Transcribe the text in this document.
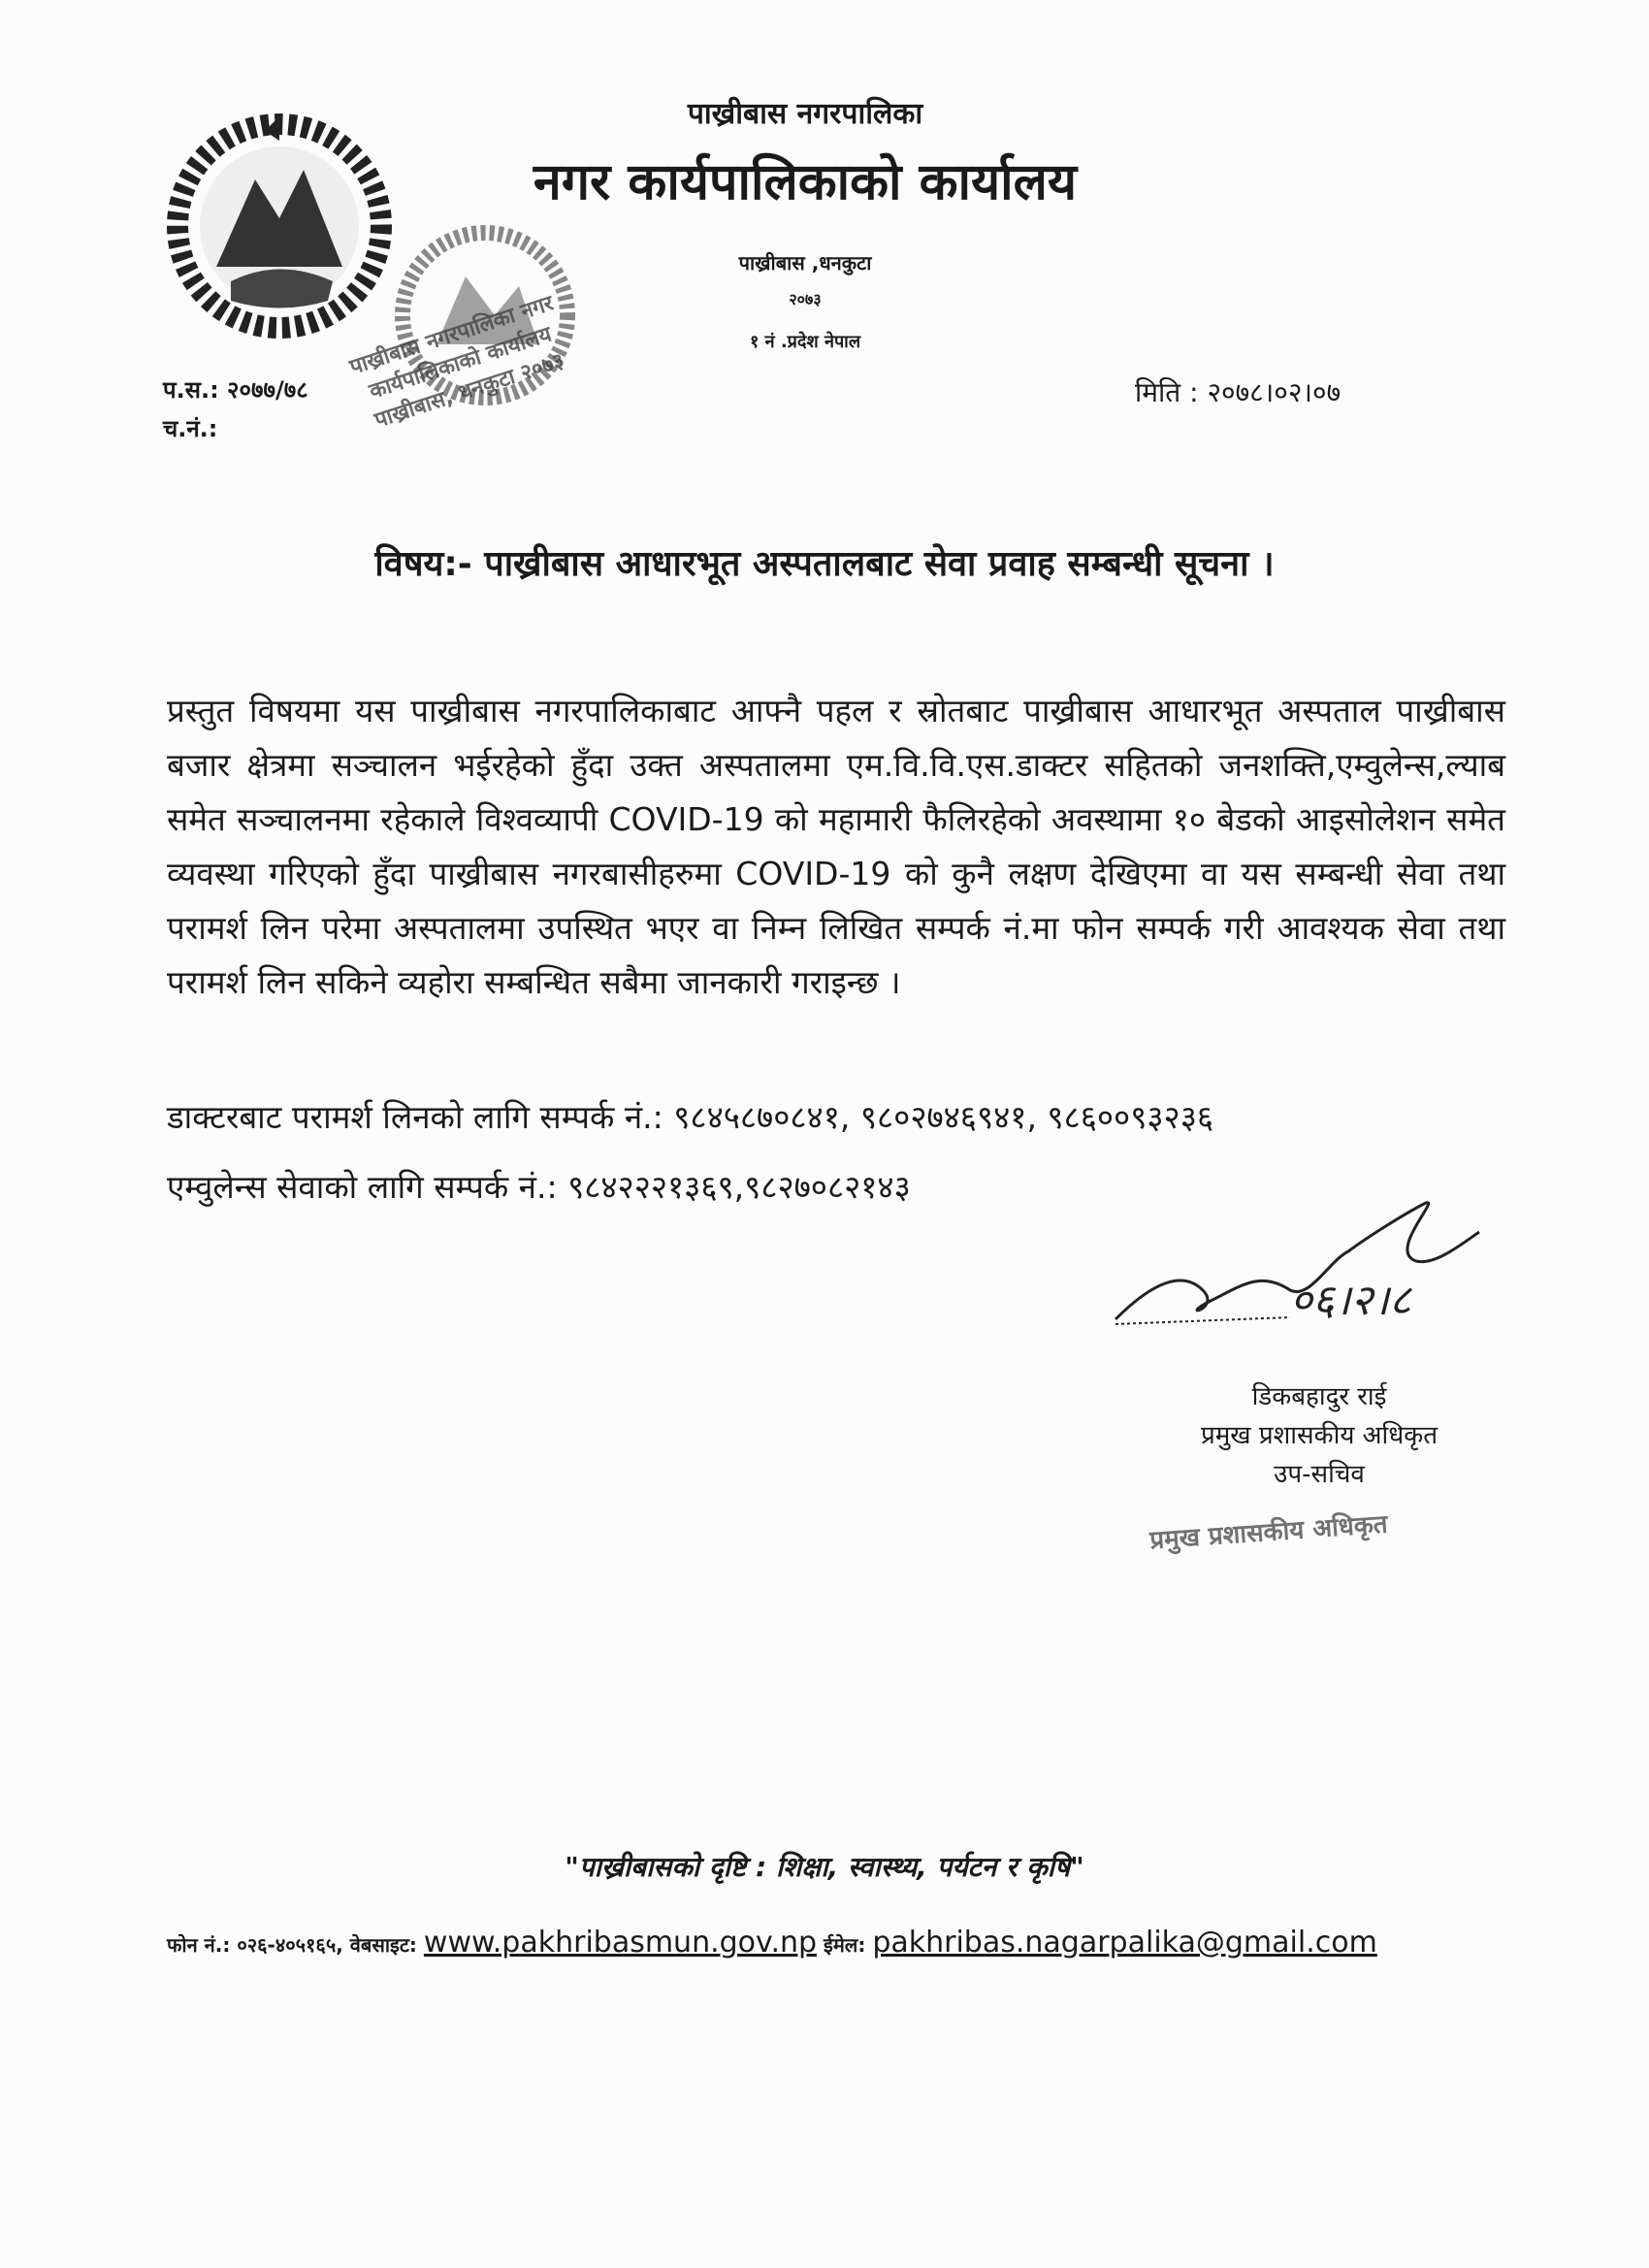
पाख्रीबास नगरपालिका नगर कार्यपालिकाको कार्यालय पाख्रीबास, धनकुटा २०७३
पाख्रीबास नगरपालिका
नगर कार्यपालिकाको कार्यालय
पाख्रीबास ,धनकुटा
२०७३
१ नं .प्रदेश नेपाल
प.स.: २०७७/७८
च.नं.:
मिति : २०७८।०२।०७
विषय:- पाख्रीबास आधारभूत अस्पतालबाट सेवा प्रवाह सम्बन्धी सूचना ।
प्रस्तुत विषयमा यस पाख्रीबास नगरपालिकाबाट आफ्नै पहल र स्रोतबाट पाख्रीबास आधारभूत अस्पताल पाख्रीबास बजार क्षेत्रमा सञ्चालन भईरहेको हुँदा उक्त अस्पतालमा एम.वि.वि.एस.डाक्टर सहितको जनशक्ति,एम्वुलेन्स,ल्याब समेत सञ्चालनमा रहेकाले विश्वव्यापी COVID-19 को महामारी फैलिरहेको अवस्थामा १० बेडको आइसोलेशन समेत व्यवस्था गरिएको हुँदा पाख्रीबास नगरबासीहरुमा COVID-19 को कुनै लक्षण देखिएमा वा यस सम्बन्धी सेवा तथा परामर्श लिन परेमा अस्पतालमा उपस्थित भएर वा निम्न लिखित सम्पर्क नं.मा फोन सम्पर्क गरी आवश्यक सेवा तथा परामर्श लिन सकिने व्यहोरा सम्बन्धित सबैमा जानकारी गराइन्छ ।
डाक्टरबाट परामर्श लिनको लागि सम्पर्क नं.: ९८४५८७०८४१, ९८०२७४६९४१, ९८६००९३२३६
एम्वुलेन्स सेवाको लागि सम्पर्क नं.: ९८४२२२१३६९,९८२७०८२१४३
०६।२।८
डिकबहादुर राई
प्रमुख प्रशासकीय अधिकृत
उप-सचिव
प्रमुख प्रशासकीय अधिकृत
"पाख्रीबासको दृष्टि : शिक्षा, स्वास्थ्य, पर्यटन र कृषि"
फोन नं.: ०२६-४०५१६५, वेबसाइट: www.pakhribasmun.gov.np ईमेल: pakhribas.nagarpalika@gmail.com
